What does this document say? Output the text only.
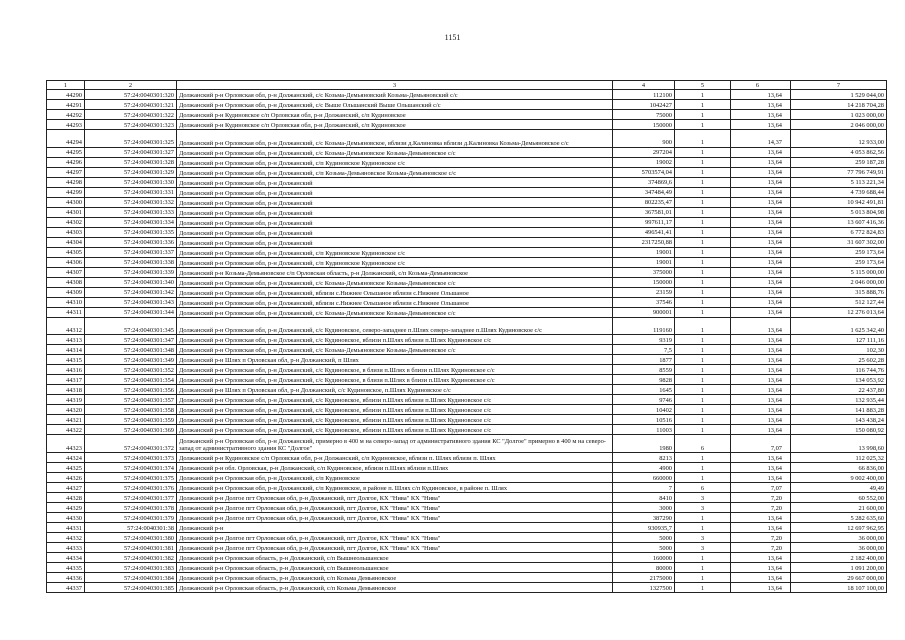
1151
1	2	3	4	5	6	7
44290	57:24:0040301:320	Должанский р-н Орловская обл, р-н Должанский, с/с Козьма-Демьяновский Козьма-Демьяновский с/с	112100	1	13,64	1 529 044,00
44291	57:24:0040301:321	Должанский р-н Орловская обл, р-н Должанский, с/с Выше Ольшанский Выше Ольшанский с/с	1042427	1	13,64	14 218 704,28
44292	57:24:0040301:322	Должанский р-н Кудиновское с/п Орловская обл, р-н Должанский, с/п Кудиновское	75000	1	13,64	1 023 000,00
44293	57:24:0040301:323	Должанский р-н Кудиновское с/п Орловская обл, р-н Должанский, с/п Кудиновское	150000	1	13,64	2 046 000,00
44294	57:24:0040301:325	Должанский р-н Орловская обл, р-н Должанский, с/с Козьма-Демьяновское, вблизи д.Калиновка вблизи д.Калиновка Козьма-Демьяновское с/с	900	1	14,37	12 933,00
44295	57:24:0040301:327	Должанский р-н Орловская обл, р-н Должанский, с/с Козьма-Демьяновское Козьма-Демьяновское с/с	297204	1	13,64	4 053 862,56
44296	57:24:0040301:328	Должанский р-н Орловская обл, р-н Должанский, с/п Кудиновское Кудиновское с/с	19002	1	13,64	259 187,28
44297	57:24:0040301:329	Должанский р-н Орловская обл, р-н Должанский, с/п Козьма-Демьяновское Козьма-Демьяновское с/с	5703574,04	1	13,64	77 796 749,91
44298	57:24:0040301:330	Должанский р-н Орловская обл, р-н Должанский	374869,6	1	13,64	5 113 221,34
44299	57:24:0040301:331	Должанский р-н Орловская обл, р-н Должанский	347484,49	1	13,64	4 739 688,44
44300	57:24:0040301:332	Должанский р-н Орловская обл, р-н Должанский	802235,47	1	13,64	10 942 491,81
44301	57:24:0040301:333	Должанский р-н Орловская обл, р-н Должанский	367581,01	1	13,64	5 013 804,98
44302	57:24:0040301:334	Должанский р-н Орловская обл, р-н Должанский	997611,17	1	13,64	13 607 416,36
44303	57:24:0040301:335	Должанский р-н Орловская обл, р-н Должанский	496541,41	1	13,64	6 772 824,83
44304	57:24:0040301:336	Должанский р-н Орловская обл, р-н Должанский	2317250,88	1	13,64	31 607 302,00
44305	57:24:0040301:337	Должанский р-н Орловская обл, р-н Должанский, с/п Кудиновское Кудиновское с/с	19001	1	13,64	259 173,64
44306	57:24:0040301:338	Должанский р-н Орловская обл, р-н Должанский, с/п Кудиновское Кудиновское с/с	19001	1	13,64	259 173,64
44307	57:24:0040301:339	Должанский р-н Козьма-Демьяновское с/п Орловская область, р-н Должанский, с/п Козьма-Демьяновское	375000	1	13,64	5 115 000,00
44308	57:24:0040301:340	Должанский р-н Орловская обл, р-н Должанский, с/с Козьма-Демьяновское Козьма-Демьяновское с/с	150000	1	13,64	2 046 000,00
44309	57:24:0040301:342	Должанский р-н Орловская обл, р-н Должанский, вблизи с.Нижнее Ольшаное вблизи с.Нижнее Ольшаное	23159	1	13,64	315 888,76
44310	57:24:0040301:343	Должанский р-н Орловская обл, р-н Должанский, вблизи с.Нижнее Ольшаное вблизи с.Нижнее Ольшаное	37546	1	13,64	512 127,44
44311	57:24:0040301:344	Должанский р-н Орловская обл, р-н Должанский, с/с Козьма-Демьяновское Козьма-Демьяновское с/с	900001	1	13,64	12 276 013,64
44312	57:24:0040301:345	Должанский р-н Орловская обл, р-н Должанский, с/с Кудиновское, северо-западнее п.Шлях северо-западнее п.Шлях Кудиновское с/с	119160	1	13,64	1 625 342,40
44313	57:24:0040301:347	Должанский р-н Орловская обл, р-н Должанский, с/с Кудиновское, вблизи п.Шлях вблизи п.Шлях Кудиновское с/с	9319	1	13,64	127 111,16
44314	57:24:0040301:348	Должанский р-н Орловская обл, р-н Должанский, с/с Козьма-Демьяновское Козьма-Демьяновское с/с	7,5	1	13,64	102,30
44315	57:24:0040301:349	Должанский р-н Шлях п Орловская обл, р-н Должанский, п Шлях	1877	1	13,64	25 602,28
44316	57:24:0040301:352	Должанский р-н Орловская обл, р-н Должанский, с/с Кудиновское, в близи п.Шлях в близи п.Шлях Кудиновское с/с	8559	1	13,64	116 744,76
44317	57:24:0040301:354	Должанский р-н Орловская обл, р-н Должанский, с/с Кудиновское, в близи п.Шлях в близи п.Шлях Кудиновское с/с	9828	1	13,64	134 053,92
44318	57:24:0040301:356	Должанский р-н Шлях п Орловская обл, р-н Должанский, с/с Кудиновское, п.Шлях Кудиновское с/с	1645	1	13,64	22 437,80
44319	57:24:0040301:357	Должанский р-н Орловская обл, р-н Должанский, с/с Кудиновское, вблизи п.Шлях вблизи п.Шлях Кудиновское с/с	9746	1	13,64	132 935,44
44320	57:24:0040301:358	Должанский р-н Орловская обл, р-н Должанский, с/с Кудиновское, вблизи п.Шлях вблизи п.Шлях Кудиновское с/с	10402	1	13,64	141 883,28
44321	57:24:0040301:359	Должанский р-н Орловская обл, р-н Должанский, с/с Кудиновское, вблизи п.Шлях вблизи п.Шлях Кудиновское с/с	10516	1	13,64	143 438,24
44322	57:24:0040301:369	Должанский р-н Орловская обл, р-н Должанский, с/с Кудиновское, вблизи п.Шлях вблизи п.Шлях Кудиновское с/с	11003	1	13,64	150 080,92
44323	57:24:0040301:372	Должанский р-н Орловская обл, р-н Должанский, примерно в 400 м на северо-запад от административного здания КС "Долгое" примерно в 400 м на северо-запад от административного здания КС "Долгое"	1980	6	7,07	13 998,60
44324	57:24:0040301:373	Должанский р-н Кудиновское с/п Орловская обл, р-н Должанский, с/п Кудиновское, вблизи п. Шлях вблизи п. Шлях	8213	1	13,64	112 025,32
44325	57:24:0040301:374	Должанский р-н обл. Орловская, р-н Должанский, с/п Кудиновское, вблизи п.Шлях вблизи п.Шлях	4900	1	13,64	66 836,00
44326	57:24:0040301:375	Должанский р-н Орловская обл, р-н Должанский, с/п Кудиновское	660000	1	13,64	9 002 400,00
44327	57:24:0040301:376	Должанский р-н Орловская обл, р-н Должанский, с/п Кудиновское, в районе п. Шлях с/п Кудиновское, в районе п. Шлях	7	6	7,07	49,49
44328	57:24:0040301:377	Должанский р-н Долгое пгт Орловская обл, р-н Должанский, пгт Долгое, КХ "Нива" КХ "Нива"	8410	3	7,20	60 552,00
44329	57:24:0040301:378	Должанский р-н Долгое пгт Орловская обл, р-н Должанский, пгт Долгое, КХ "Нива" КХ "Нива"	3000	3	7,20	21 600,00
44330	57:24:0040301:379	Должанский р-н Долгое пгт Орловская обл, р-н Должанский, пгт Долгое, КХ "Нива" КХ "Нива"	387290	1	13,64	5 282 635,60
44331	57:24:0040301:38	Должанский р-н	930935,7	1	13,64	12 697 962,95
44332	57:24:0040301:380	Должанский р-н Долгое пгт Орловская обл, р-н Должанский, пгт Долгое, КХ "Нива" КХ "Нива"	5000	3	7,20	36 000,00
44333	57:24:0040301:381	Должанский р-н Долгое пгт Орловская обл, р-н Должанский, пгт Долгое, КХ "Нива" КХ "Нива"	5000	3	7,20	36 000,00
44334	57:24:0040301:382	Должанский р-н Орловская область, р-н Должанский, с/п Вышнеольшанское	160000	1	13,64	2 182 400,00
44335	57:24:0040301:383	Должанский р-н Орловская область, р-н Должанский, с/п Вышнеольшанское	80000	1	13,64	1 091 200,00
44336	57:24:0040301:384	Должанский р-н Орловская область, р-н Должанский, с/п Козьма Демьяновское	2175000	1	13,64	29 667 000,00
44337	57:24:0040301:385	Должанский р-н Орловская область, р-н Должанский, с/п Козьма Демьяновское	1327500	1	13,64	18 107 100,00
